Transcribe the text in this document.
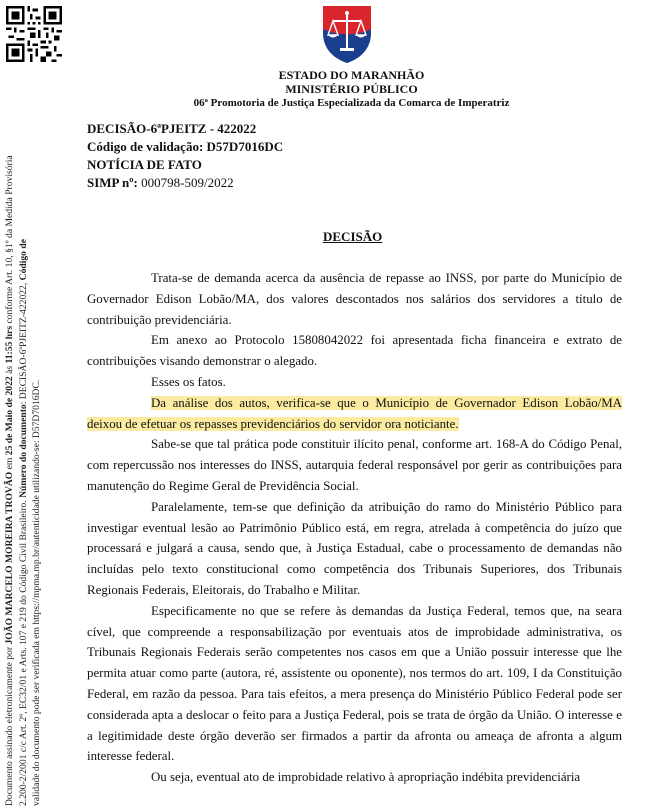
Documento assinado eletronicamente por JOÃO MARCELO MOREIRA TROVÃO em 25 de Maio de 2022 às 11:55 hrs conforme Art. 10, §1º da Medida Provisória
2.200-2/2001 c/c Art. 2º, EC32/01 e Arts. 107 e 219 do Código Civil Brasileiro. Número do documento: DECISÃO-6ªPJEITZ-422022, Código de
validade do documento pode ser verificada em https://mpma.mp.br/autenticidade utilizando-se: D57D7016DC.
ESTADO DO MARANHÃO
MINISTÉRIO PÚBLICO
06ª Promotoria de Justiça Especializada da Comarca de Imperatriz
DECISÃO-6ªPJEITZ - 422022
Código de validação: D57D7016DC
NOTÍCIA DE FATO
SIMP nº: 000798-509/2022
DECISÃO

Trata-se de demanda acerca da ausência de repasse ao INSS, por parte do Município de Governador Edison Lobão/MA, dos valores descontados nos salários dos servidores a título de contribuição previdenciária.

Em anexo ao Protocolo 15808042022 foi apresentada ficha financeira e extrato de contribuições visando demonstrar o alegado.

Esses os fatos.

Da análise dos autos, verifica-se que o Município de Governador Edison Lobão/MA deixou de efetuar os repasses previdenciários do servidor ora noticiante.

Sabe-se que tal prática pode constituir ilícito penal, conforme art. 168-A do Código Penal, com repercussão nos interesses do INSS, autarquia federal responsável por gerir as contribuições para manutenção do Regime Geral de Previdência Social.

Paralelamente, tem-se que definição da atribuição do ramo do Ministério Público para investigar eventual lesão ao Patrimônio Público está, em regra, atrelada à competência do juízo que processará e julgará a causa, sendo que, à Justiça Estadual, cabe o processamento de demandas não incluídas pelo texto constitucional como competência dos Tribunais Superiores, dos Tribunais Regionais Federais, Eleitorais, do Trabalho e Militar.

Especificamente no que se refere às demandas da Justiça Federal, temos que, na seara cível, que compreende a responsabilização por eventuais atos de improbidade administrativa, os Tribunais Regionais Federais serão competentes nos casos em que a União possuir interesse que lhe permita atuar como parte (autora, ré, assistente ou oponente), nos termos do art. 109, I da Constituição Federal, em razão da pessoa. Para tais efeitos, a mera presença do Ministério Público Federal pode ser considerada apta a deslocar o feito para a Justiça Federal, pois se trata de órgão da União. O interesse e a legitimidade deste órgão deverão ser firmados a partir da afronta ou ameaça de afronta a algum interesse federal.

Ou seja, eventual ato de improbidade relativo à apropriação indébita previdenciária
